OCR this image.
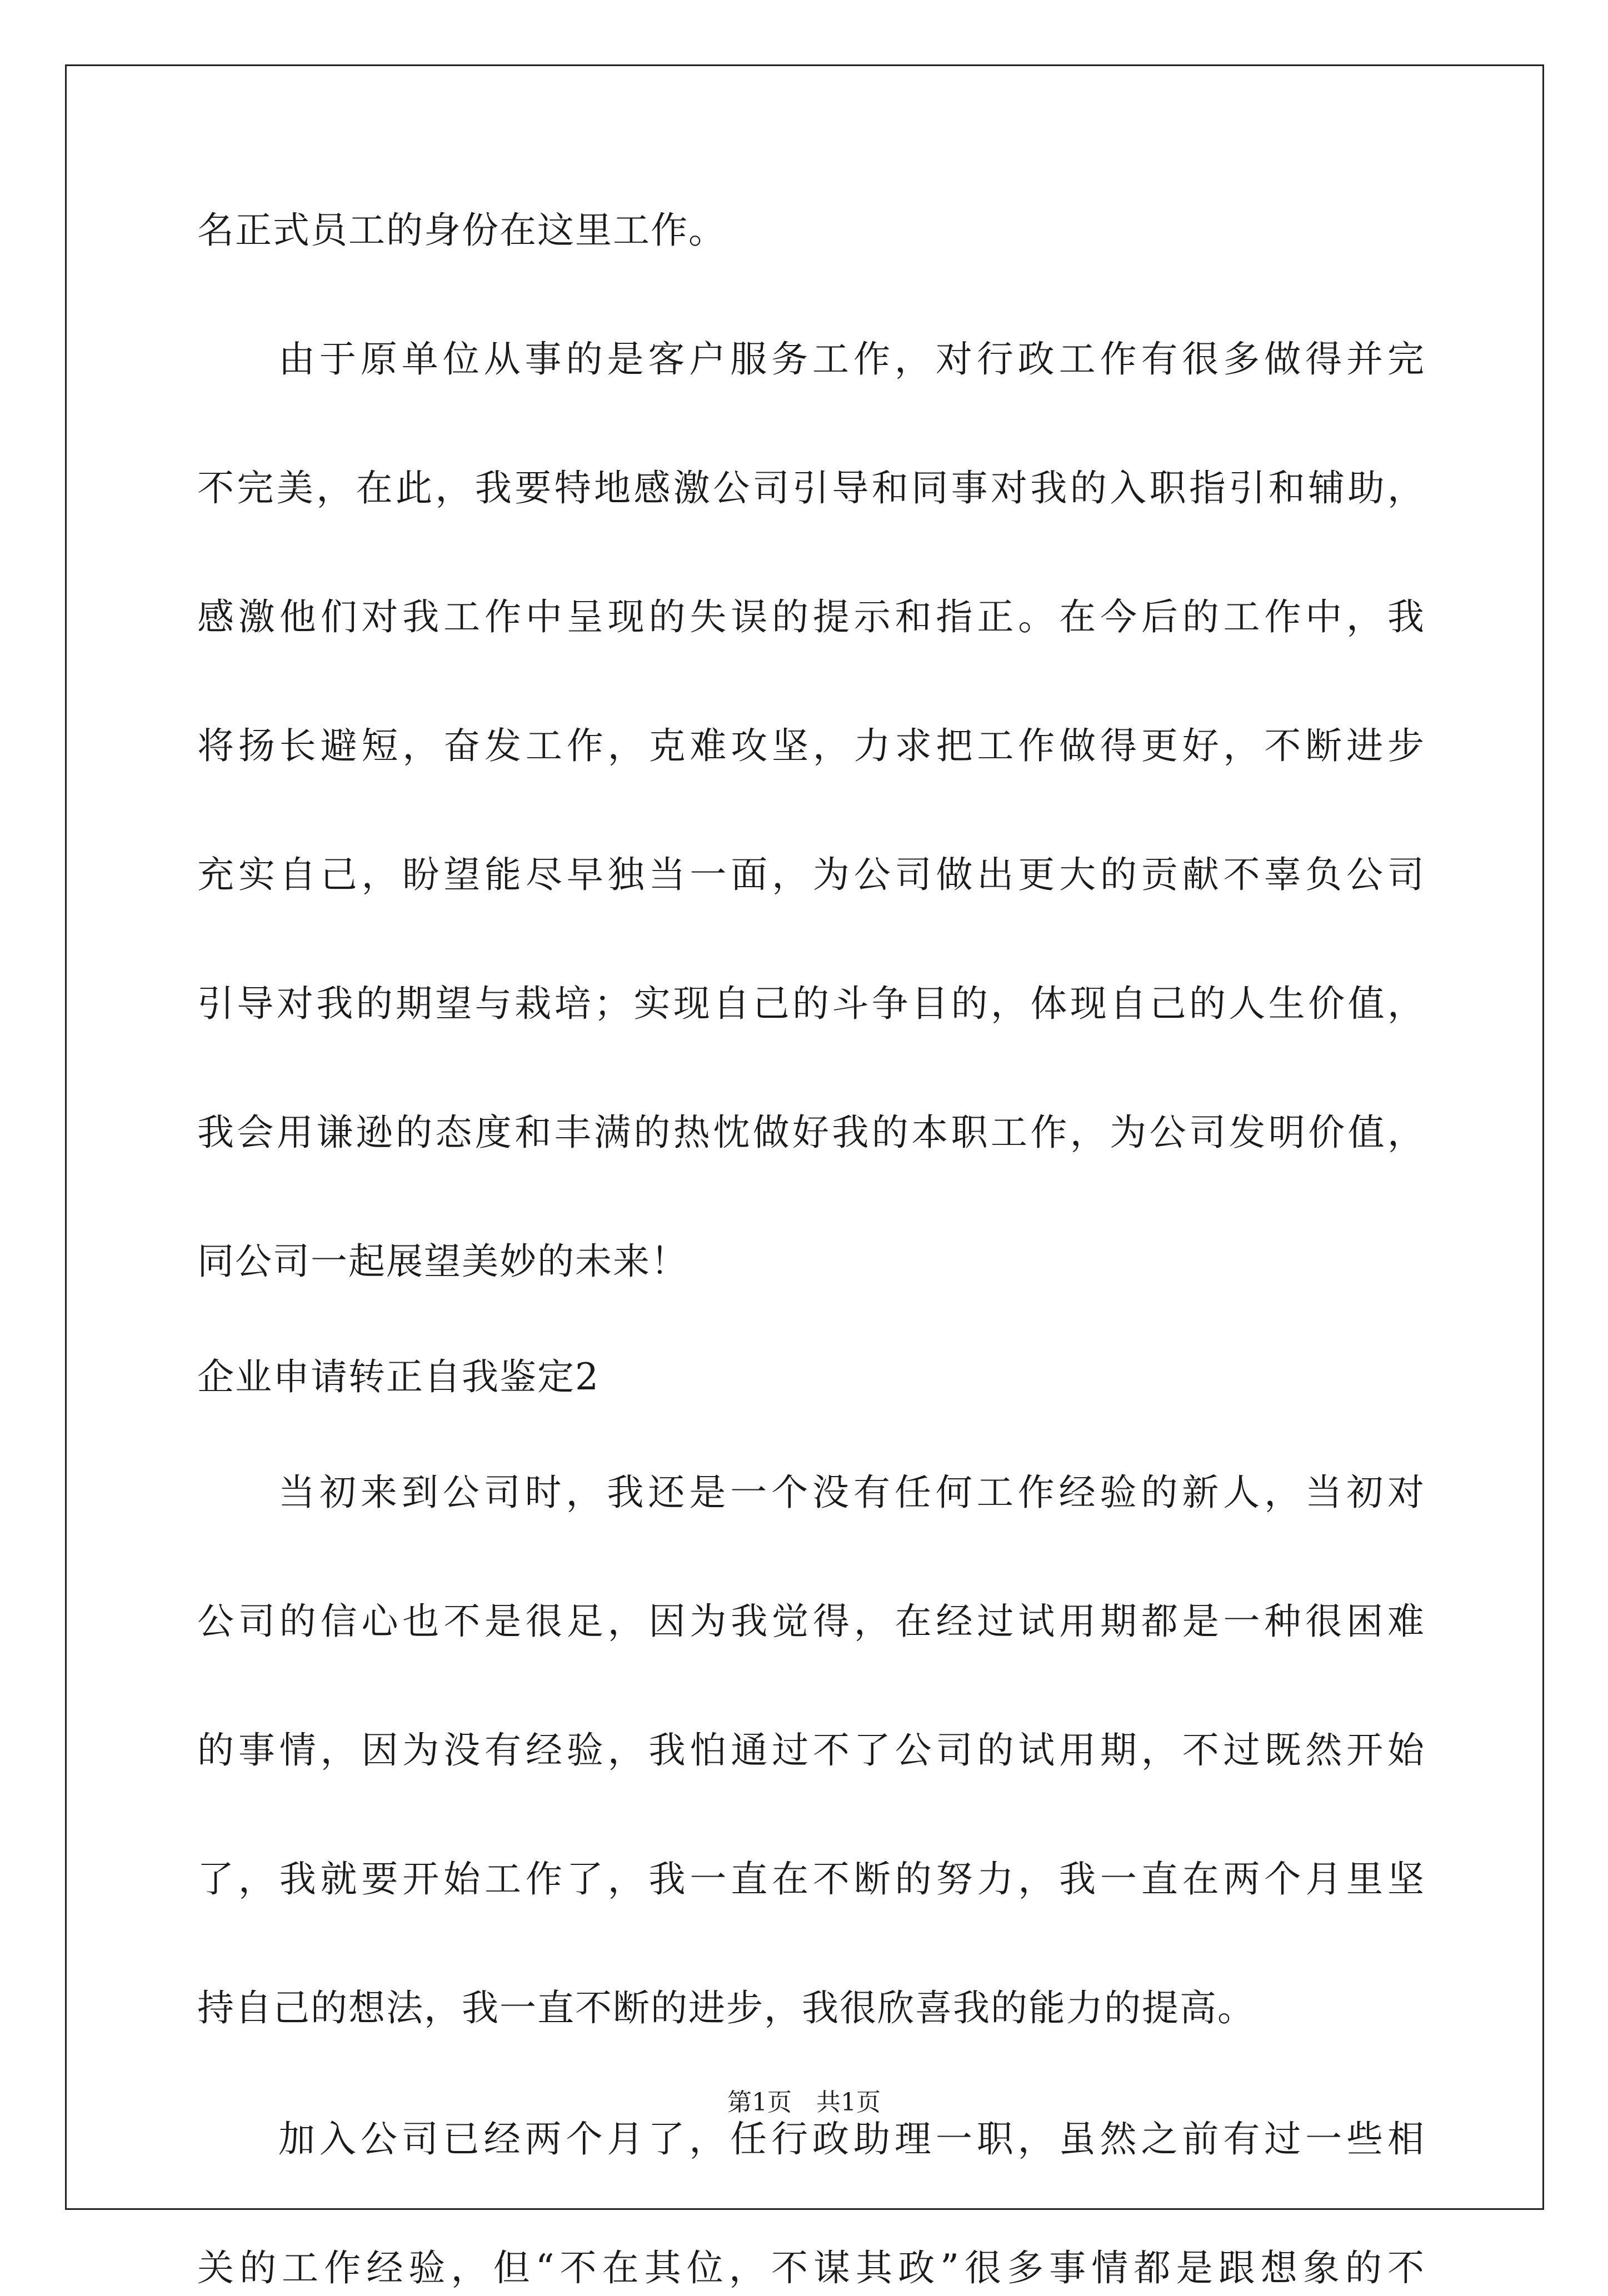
名正式员工的身份在这里工作。
由于原单位从事的是客户服务工作，对行政工作有很多做得并完
不完美，在此，我要特地感激公司引导和同事对我的入职指引和辅助，
感激他们对我工作中呈现的失误的提示和指正。在今后的工作中，我
将扬长避短，奋发工作，克难攻坚，力求把工作做得更好，不断进步
充实自己，盼望能尽早独当一面，为公司做出更大的贡献不辜负公司
引导对我的期望与栽培；实现自己的斗争目的，体现自己的人生价值，
我会用谦逊的态度和丰满的热忱做好我的本职工作，为公司发明价值，
同公司一起展望美妙的未来！
企业申请转正自我鉴定2
当初来到公司时，我还是一个没有任何工作经验的新人，当初对
公司的信心也不是很足，因为我觉得，在经过试用期都是一种很困难
的事情，因为没有经验，我怕通过不了公司的试用期，不过既然开始
了，我就要开始工作了，我一直在不断的努力，我一直在两个月里坚
持自己的想法，我一直不断的进步，我很欣喜我的能力的提高。
加入公司已经两个月了，任行政助理一职，虽然之前有过一些相
关的工作经验，但“不在其位，不谋其政”很多事情都是跟想象的不
第1页　共1页
